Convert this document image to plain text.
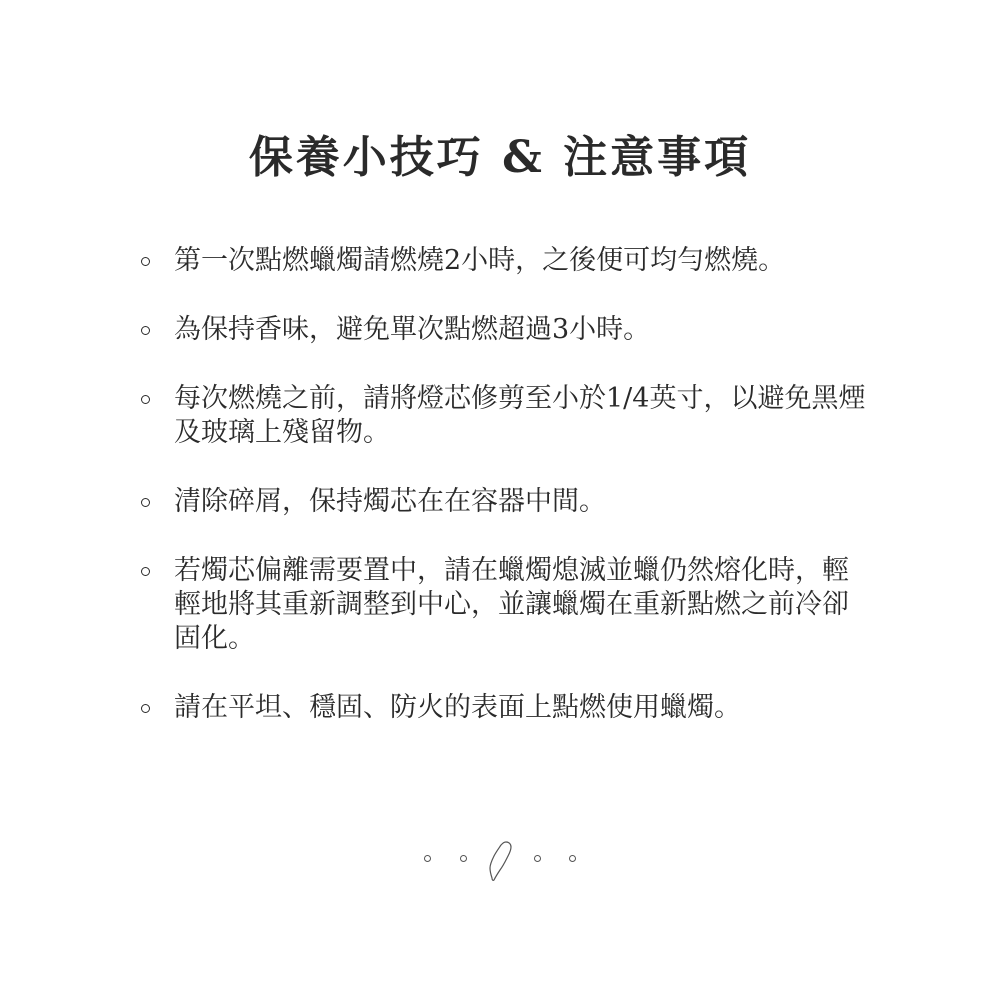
保養小技巧 & 注意事項
第一次點燃蠟燭請燃燒2小時，之後便可均勻燃燒。
為保持香味，避免單次點燃超過3小時。
每次燃燒之前，請將燈芯修剪至小於1/4英寸，以避免黑煙及玻璃上殘留物。
清除碎屑，保持燭芯在在容器中間。
若燭芯偏離需要置中，請在蠟燭熄滅並蠟仍然熔化時，輕輕地將其重新調整到中心，並讓蠟燭在重新點燃之前冷卻固化。
請在平坦、穩固、防火的表面上點燃使用蠟燭。
